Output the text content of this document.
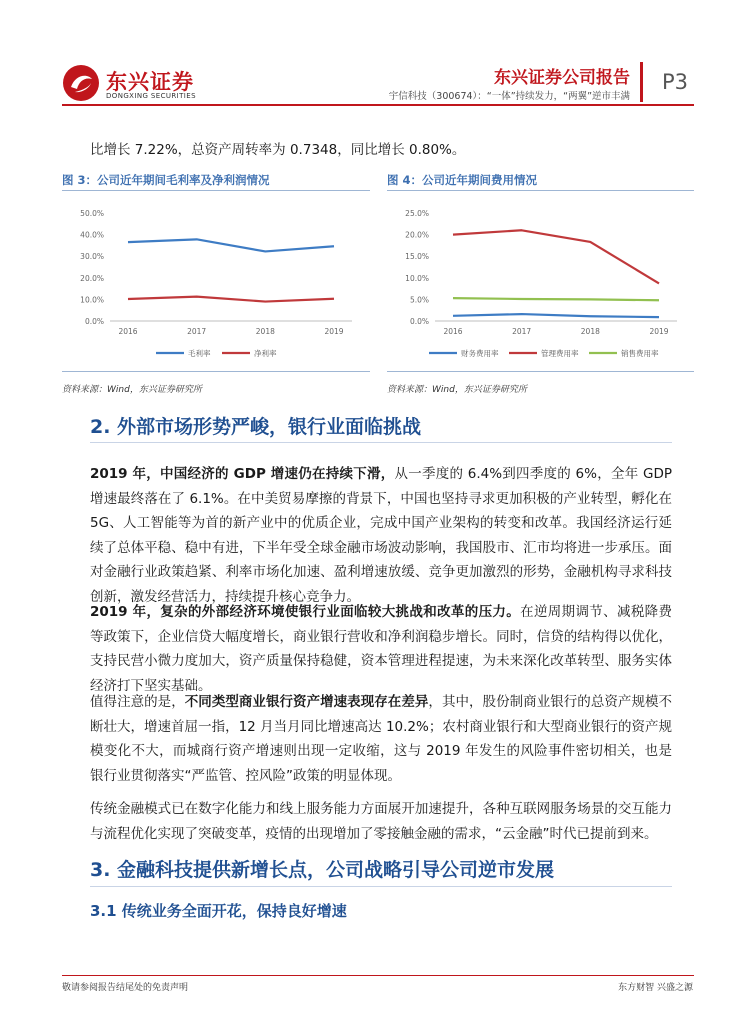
东兴证券
DONGXING SECURITIES
东兴证券公司报告
宇信科技（300674）：“一体”持续发力，“两翼”逆市丰满
P3
比增长 7.22%，总资产周转率为 0.7348，同比增长 0.80%。
图 3：公司近年期间毛利率及净利润情况
0.0%
10.0%
20.0%
30.0%
40.0%
50.0%
2016	2017	2018	2019
毛利率	净利率
资料来源：Wind，东兴证券研究所
图 4：公司近年期间费用情况
0.0%
5.0%
10.0%
15.0%
20.0%
25.0%
2016	2017	2018	2019
财务费用率	管理费用率	销售费用率
资料来源：Wind，东兴证券研究所
2. 外部市场形势严峻，银行业面临挑战
2019 年，中国经济的 GDP 增速仍在持续下滑，从一季度的 6.4%到四季度的 6%，全年 GDP 增速最终落在了 6.1%。在中美贸易摩擦的背景下，中国也坚持寻求更加积极的产业转型，孵化在 5G、人工智能等为首的新产业中的优质企业，完成中国产业架构的转变和改革。我国经济运行延续了总体平稳、稳中有进，下半年受全球金融市场波动影响，我国股市、汇市均将进一步承压。面对金融行业政策趋紧、利率市场化加速、盈利增速放缓、竞争更加激烈的形势，金融机构寻求科技创新，激发经营活力，持续提升核心竞争力。
2019 年，复杂的外部经济环境使银行业面临较大挑战和改革的压力。在逆周期调节、减税降费等政策下，企业信贷大幅度增长，商业银行营收和净利润稳步增长。同时，信贷的结构得以优化，支持民营小微力度加大，资产质量保持稳健，资本管理进程提速，为未来深化改革转型、服务实体经济打下坚实基础。
值得注意的是，不同类型商业银行资产增速表现存在差异，其中，股份制商业银行的总资产规模不断壮大，增速首屈一指，12 月当月同比增速高达 10.2%；农村商业银行和大型商业银行的资产规模变化不大，而城商行资产增速则出现一定收缩，这与 2019 年发生的风险事件密切相关，也是银行业贯彻落实“严监管、控风险”政策的明显体现。
传统金融模式已在数字化能力和线上服务能力方面展开加速提升，各种互联网服务场景的交互能力与流程优化实现了突破变革，疫情的出现增加了零接触金融的需求，“云金融”时代已提前到来。
3. 金融科技提供新增长点，公司战略引导公司逆市发展
3.1 传统业务全面开花，保持良好增速
敬请参阅报告结尾处的免责声明	东方财智 兴盛之源
